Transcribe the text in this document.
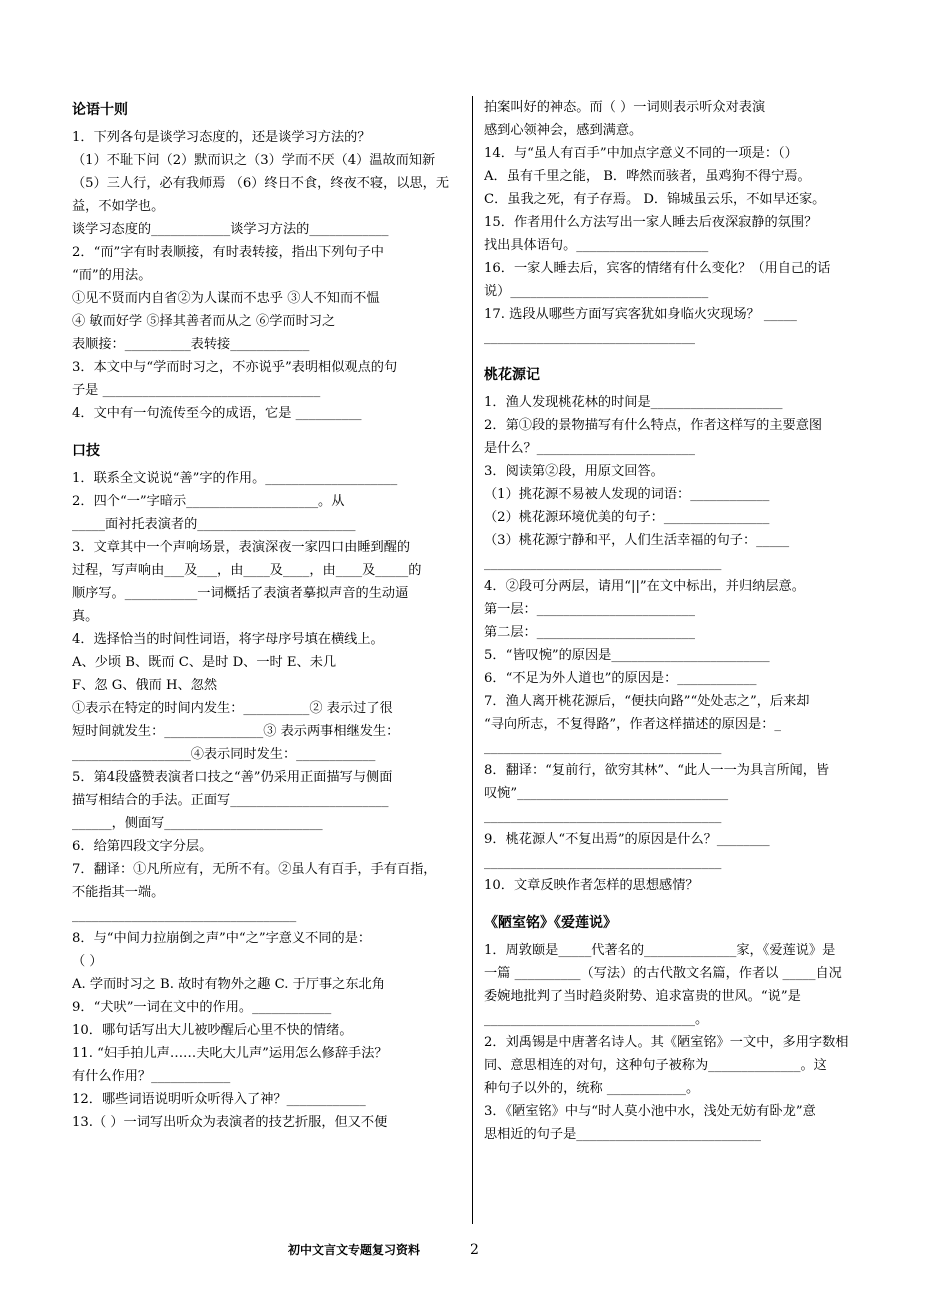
论语十则
1．下列各句是谈学习态度的，还是谈学习方法的？
（1）不耻下问（2）默而识之（3）学而不厌（4）温故而知新
（5）三人行，必有我师焉 （6）终日不食，终夜不寝，以思，无
益，不如学也。
谈学习态度的____________谈学习方法的____________
2．“而”字有时表顺接，有时表转接，指出下列句子中
“而”的用法。
①见不贤而内自省②为人谋而不忠乎 ③人不知而不愠
④ 敏而好学 ⑤择其善者而从之 ⑥学而时习之
表顺接：__________表转接____________
3．本文中与“学而时习之，不亦说乎”表明相似观点的句
子是 _________________________________
4．文中有一句流传至今的成语，它是 __________
口技
1．联系全文说说“善”字的作用。____________________
2．四个“一”字暗示____________________。从
_____面衬托表演者的________________________
3．文章其中一个声响场景，表演深夜一家四口由睡到醒的
过程，写声响由___及___，由____及____，由____及_____的
顺序写。___________一词概括了表演者摹拟声音的生动逼
真。
4．选择恰当的时间性词语，将字母序号填在横线上。
A、少顷 B、既而 C、是时 D、一时 E、未几
F、忽 G、俄而 H、忽然
①表示在特定的时间内发生：__________② 表示过了很
短时间就发生：_______________③ 表示两事相继发生：
__________________④表示同时发生：____________
5．第4段盛赞表演者口技之“善”仍采用正面描写与侧面
描写相结合的手法。正面写________________________
______，侧面写________________________
6．给第四段文字分层。
7．翻译：①凡所应有，无所不有。②虽人有百手，手有百指，
不能指其一端。
__________________________________
8．与“中间力拉崩倒之声”中“之”字意义不同的是：
（ ）
A. 学而时习之 B. 故时有物外之趣 C. 于厅事之东北角
9．“犬吠”一词在文中的作用。____________
10．哪句话写出大儿被吵醒后心里不快的情绪。
11. “妇手拍儿声……夫叱大儿声”运用怎么修辞手法？
有什么作用？____________
12．哪些词语说明听众听得入了神？____________
13.（ ）一词写出听众为表演者的技艺折服，但又不便
拍案叫好的神态。而（ ）一词则表示听众对表演
感到心领神会，感到满意。
14．与“虽人有百手”中加点字意义不同的一项是：（）
A．虽有千里之能， B．哗然而骇者，虽鸡狗不得宁焉。
C．虽我之死，有子存焉。 D．锦城虽云乐，不如早还家。
15．作者用什么方法写出一家人睡去后夜深寂静的氛围？
找出具体语句。____________________
16．一家人睡去后，宾客的情绪有什么变化？（用自己的话
说）______________________________
17. 选段从哪些方面写宾客犹如身临火灾现场？ _____
________________________________
桃花源记
1．渔人发现桃花林的时间是____________________
2．第①段的景物描写有什么特点，作者这样写的主要意图
是什么？________________________
3．阅读第②段，用原文回答。
（1）挑花源不易被人发现的词语：____________
（2）桃花源环境优美的句子：________________
（3）桃花源宁静和平，人们生活幸福的句子：_____
____________________________________
4．②段可分两层，请用“||”在文中标出，并归纳层意。
第一层：________________________
第二层：________________________
5．“皆叹惋”的原因是________________________
6．“不足为外人道也”的原因是：____________
7．渔人离开桃花源后，“便扶向路”“处处志之”，后来却
“寻向所志，不复得路”，作者这样描述的原因是：_
____________________________________
8．翻译：“复前行，欲穷其林”、“此人一一为具言所闻，皆
叹惋”________________________________
____________________________________
9．桃花源人“不复出焉”的原因是什么？________
____________________________________
10．文章反映作者怎样的思想感情？
《陋室铭》《爱莲说》
1．周敦颐是_____代著名的______________家，《爱莲说》是
一篇 __________（写法）的古代散文名篇，作者以 _____自况
委婉地批判了当时趋炎附势、追求富贵的世风。“说”是
________________________________。
2．刘禹锡是中唐著名诗人。其《陋室铭》一文中，多用字数相
同、意思相连的对句，这种句子被称为______________。这
种句子以外的，统称 ____________。
3．《陋室铭》中与“时人莫小池中水，浅处无妨有卧龙”意
思相近的句子是____________________________
初中文言文专题复习资料	2
